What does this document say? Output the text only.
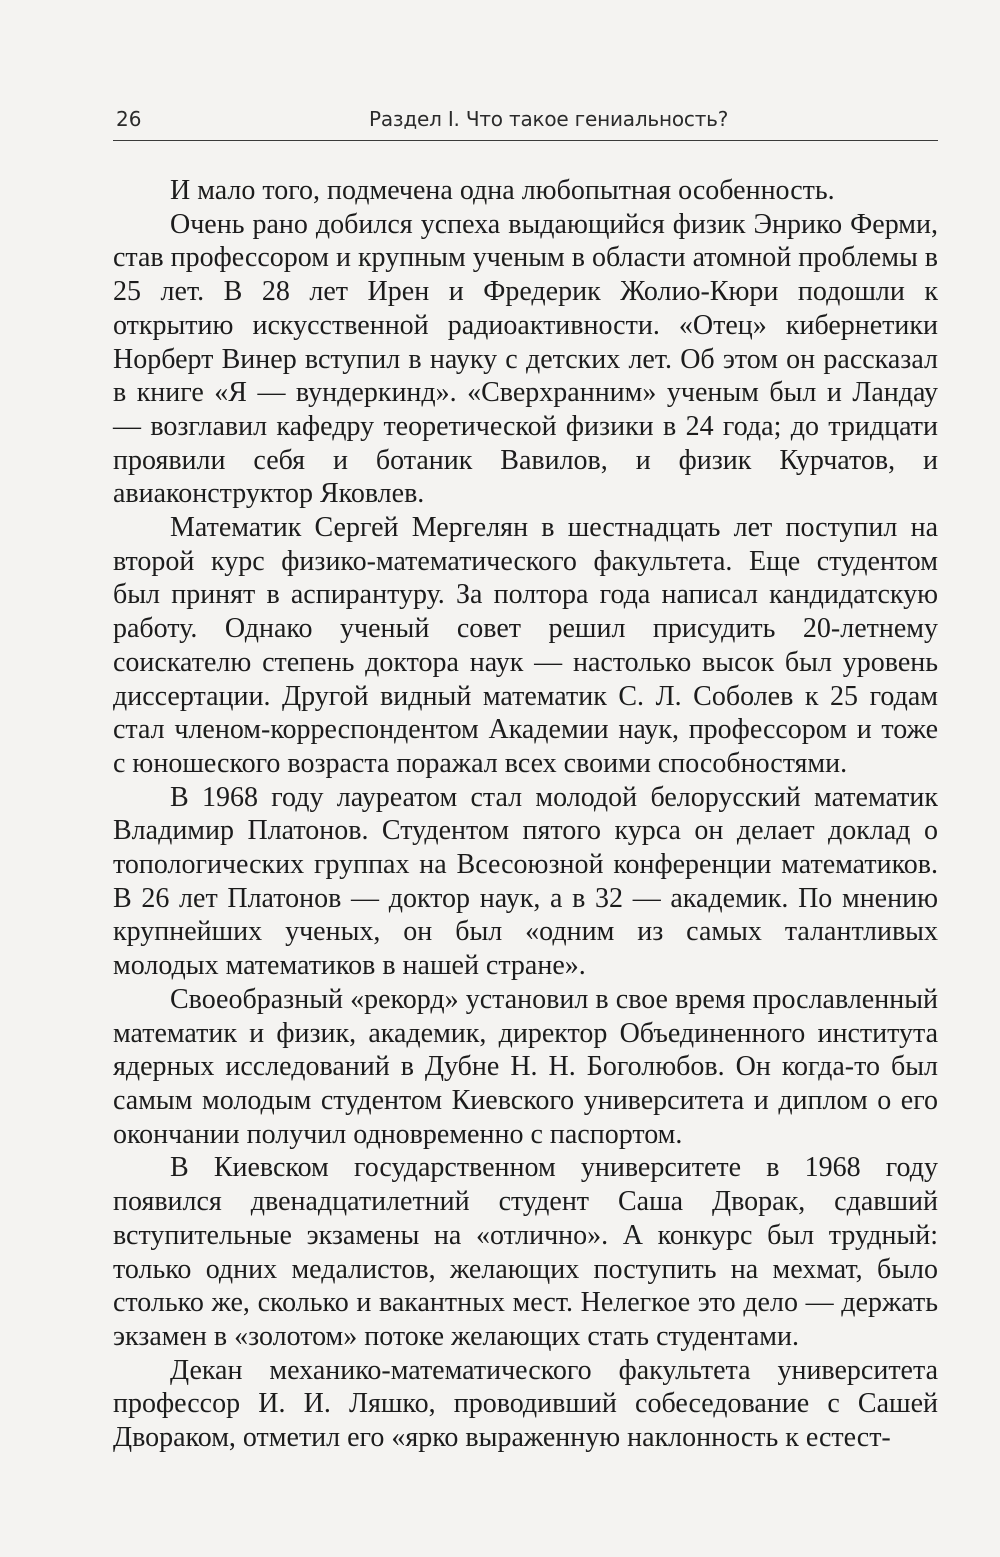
26	Раздел I. Что такое гениальность?

И мало того, подмечена одна любопытная особенность.

Очень рано добился успеха выдающийся физик Энрико Ферми, став профессором и крупным ученым в области атомной проблемы в 25 лет. В 28 лет Ирен и Фредерик Жолио-Кюри подошли к открытию искусственной радиоактивности. «Отец» кибернетики Норберт Винер вступил в науку с детских лет. Об этом он рассказал в книге «Я — вундеркинд». «Сверхранним» ученым был и Ландау — возглавил кафедру теоретической физики в 24 года; до тридцати проявили себя и ботаник Вавилов, и физик Курчатов, и авиаконструктор Яковлев.

Математик Сергей Мергелян в шестнадцать лет поступил на второй курс физико-математического факультета. Еще студентом был принят в аспирантуру. За полтора года написал кандидатскую работу. Однако ученый совет решил присудить 20-летнему соискателю степень доктора наук — настолько высок был уровень диссертации. Другой видный математик С. Л. Соболев к 25 годам стал членом-корреспондентом Академии наук, профессором и тоже с юношеского возраста поражал всех своими способностями.

В 1968 году лауреатом стал молодой белорусский математик Владимир Платонов. Студентом пятого курса он делает доклад о топологических группах на Всесоюзной конференции математиков. В 26 лет Платонов — доктор наук, а в 32 — академик. По мнению крупнейших ученых, он был «одним из самых талантливых молодых математиков в нашей стране».

Своеобразный «рекорд» установил в свое время прославленный математик и физик, академик, директор Объединенного института ядерных исследований в Дубне Н. Н. Боголюбов. Он когда-то был самым молодым студентом Киевского университета и диплом о его окончании получил одновременно с паспортом.

В Киевском государственном университете в 1968 году появился двенадцатилетний студент Саша Дворак, сдавший вступительные экзамены на «отлично». А конкурс был трудный: только одних медалистов, желающих поступить на мехмат, было столько же, сколько и вакантных мест. Нелегкое это дело — держать экзамен в «золотом» потоке желающих стать студентами.

Декан механико-математического факультета университета профессор И. И. Ляшко, проводивший собеседование с Сашей Двораком, отметил его «ярко выраженную наклонность к естест-
